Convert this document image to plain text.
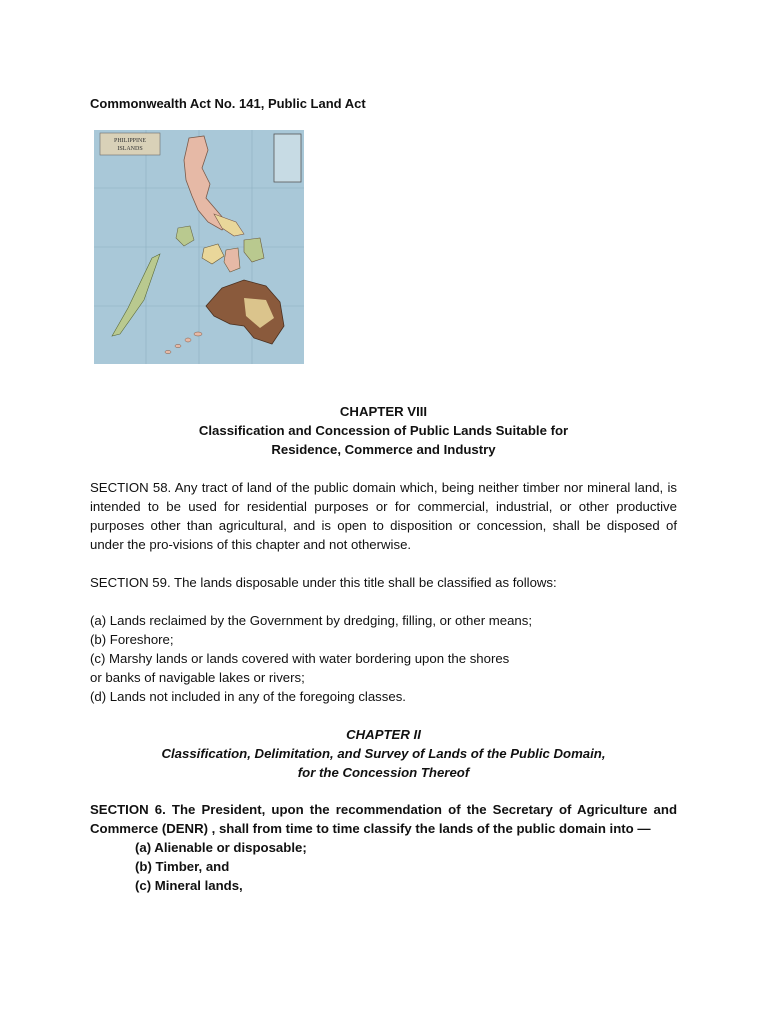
Commonwealth Act No. 141, Public Land Act
PHILIPPINE
ISLANDS
CHAPTER VIII
Classification and Concession of Public Lands Suitable for
Residence, Commerce and Industry
SECTION 58. Any tract of land of the public domain which, being neither timber nor mineral land, is intended to be used for residential purposes or for commercial, industrial, or other productive purposes other than agricultural, and is open to disposition or concession, shall be disposed of under the pro-visions of this chapter and not otherwise.
SECTION 59. The lands disposable under this title shall be classified as follows:
(a) Lands reclaimed by the Government by dredging, filling, or other means;
(b) Foreshore;
(c) Marshy lands or lands covered with water bordering upon the shores
or banks of navigable lakes or rivers;
(d) Lands not included in any of the foregoing classes.
CHAPTER II
Classification, Delimitation, and Survey of Lands of the Public Domain,
for the Concession Thereof
SECTION 6. The President, upon the recommendation of the Secretary of Agriculture and Commerce (DENR) , shall from time to time classify the lands of the public domain into —
(a) Alienable or disposable;
(b) Timber, and
(c) Mineral lands,
